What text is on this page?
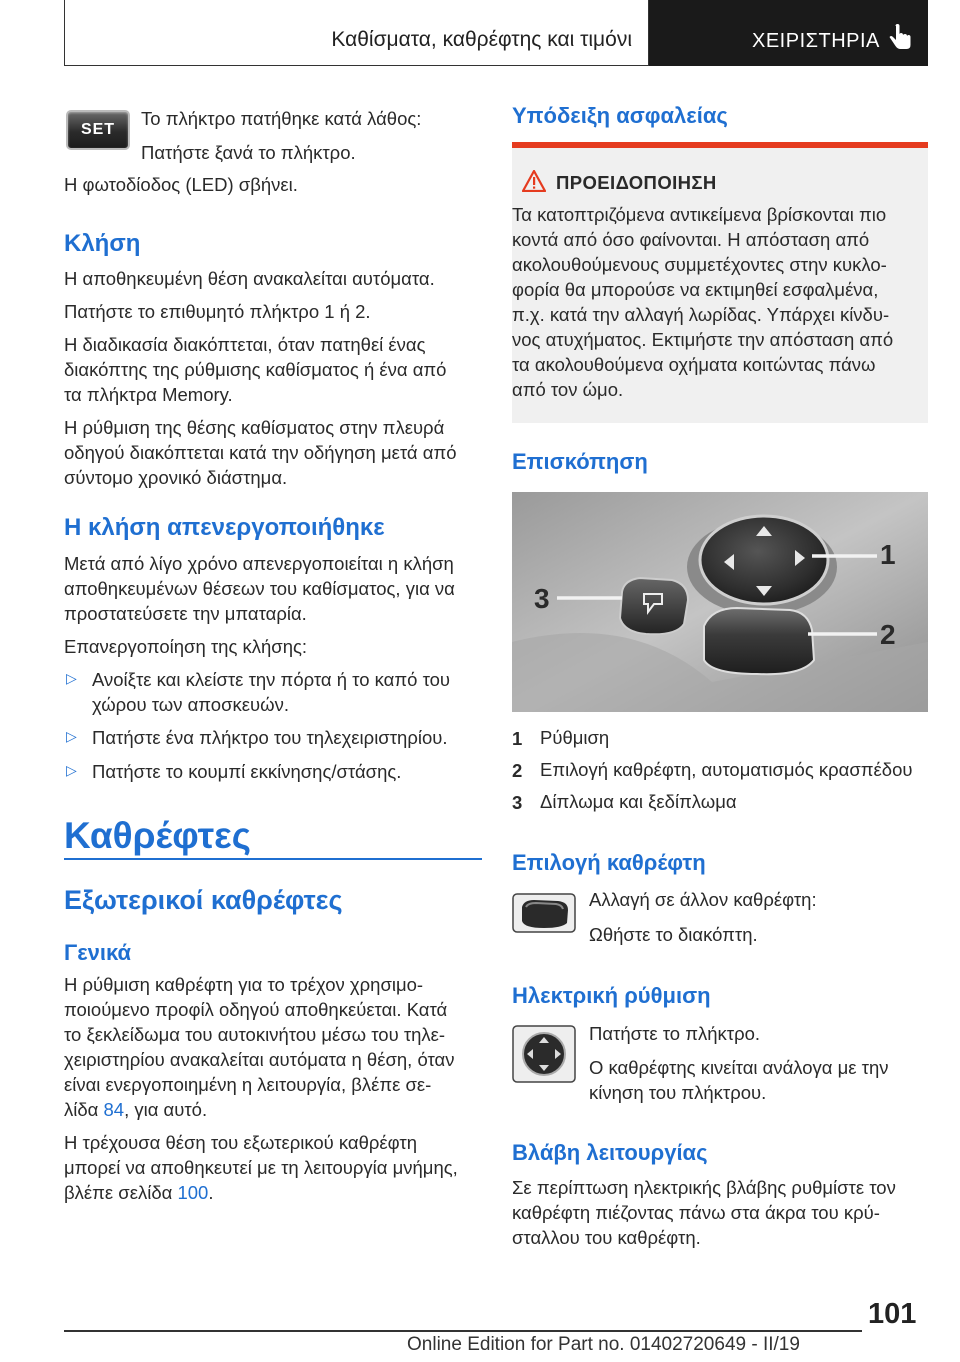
Καθίσματα, καθρέφτης και τιμόνι	ΧΕΙΡΙΣΤΗΡΙΑ
SET
Το πλήκτρο πατήθηκε κατά λάθος:
Πατήστε ξανά το πλήκτρο.
Η φωτοδίοδος (LED) σβήνει.
Κλήση
Η αποθηκευμένη θέση ανακαλείται αυτόματα.
Πατήστε το επιθυμητό πλήκτρο 1 ή 2.
Η διαδικασία διακόπτεται, όταν πατηθεί ένας
διακόπτης της ρύθμισης καθίσματος ή ένα από
τα πλήκτρα Memory.
Η ρύθμιση της θέσης καθίσματος στην πλευρά
οδηγού διακόπτεται κατά την οδήγηση μετά από
σύντομο χρονικό διάστημα.
Η κλήση απενεργοποιήθηκε
Μετά από λίγο χρόνο απενεργοποιείται η κλήση
αποθηκευμένων θέσεων του καθίσματος, για να
προστατεύσετε την μπαταρία.
Επανεργοποίηση της κλήσης:
▷ Ανοίξτε και κλείστε την πόρτα ή το καπό του
χώρου των αποσκευών.
▷ Πατήστε ένα πλήκτρο του τηλεχειριστηρίου.
▷ Πατήστε το κουμπί εκκίνησης/στάσης.
Καθρέφτες
Εξωτερικοί καθρέφτες
Γενικά
Η ρύθμιση καθρέφτη για το τρέχον χρησιμο-
ποιούμενο προφίλ οδηγού αποθηκεύεται. Κατά
το ξεκλείδωμα του αυτοκινήτου μέσω του τηλε-
χειριστηρίου ανακαλείται αυτόματα η θέση, όταν
είναι ενεργοποιημένη η λειτουργία, βλέπε σε-
λίδα 84, για αυτό.
Η τρέχουσα θέση του εξωτερικού καθρέφτη
μπορεί να αποθηκευτεί με τη λειτουργία μνήμης,
βλέπε σελίδα 100.
Υπόδειξη ασφαλείας
ΠΡΟΕΙΔΟΠΟΙΗΣΗ
Τα κατοπτριζόμενα αντικείμενα βρίσκονται πιο
κοντά από όσο φαίνονται. Η απόσταση από
ακολουθούμενους συμμετέχοντες στην κυκλο-
φορία θα μπορούσε να εκτιμηθεί εσφαλμένα,
π.χ. κατά την αλλαγή λωρίδας. Υπάρχει κίνδυ-
νος ατυχήματος. Εκτιμήστε την απόσταση από
τα ακολουθούμενα οχήματα κοιτώντας πάνω
από τον ώμο.
Επισκόπηση
1
2
3
1 Ρύθμιση
2 Επιλογή καθρέφτη, αυτοματισμός κρασπέδου
3 Δίπλωμα και ξεδίπλωμα
Επιλογή καθρέφτη
Αλλαγή σε άλλον καθρέφτη:
Ωθήστε το διακόπτη.
Ηλεκτρική ρύθμιση
Πατήστε το πλήκτρο.
Ο καθρέφτης κινείται ανάλογα με την
κίνηση του πλήκτρου.
Βλάβη λειτουργίας
Σε περίπτωση ηλεκτρικής βλάβης ρυθμίστε τον
καθρέφτη πιέζοντας πάνω στα άκρα του κρύ-
σταλλου του καθρέφτη.
101
Online Edition for Part no. 01402720649 - II/19
